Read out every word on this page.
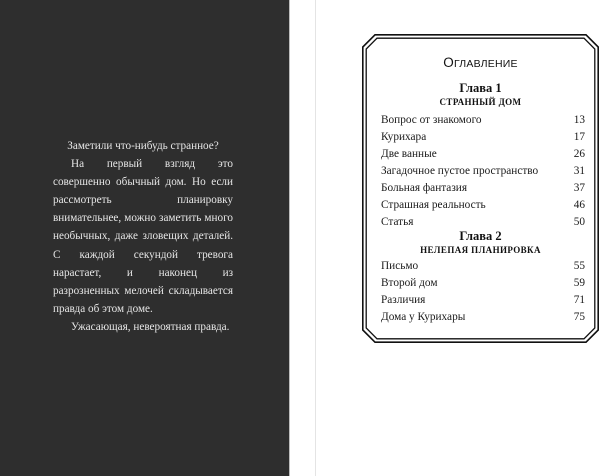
Заметили что-нибудь странное?

На первый взгляд это совершенно обычный дом. Но если рассмотреть планировку внимательнее, можно заметить много необычных, даже зловещих деталей. С каждой секундой тревога нарастает, и наконец из разрозненных мелочей складывается правда об этом доме.

Ужасающая, невероятная правда.

ОГЛАВЛЕНИЕ
Глава 1
СТРАННЫЙ ДОМ
Вопрос от знакомого	13
Курихара	17
Две ванные	26
Загадочное пустое пространство	31
Больная фантазия	37
Страшная реальность	46
Статья	50
Глава 2
НЕЛЕПАЯ ПЛАНИРОВКА
Письмо	55
Второй дом	59
Различия	71
Дома у Курихары	75
